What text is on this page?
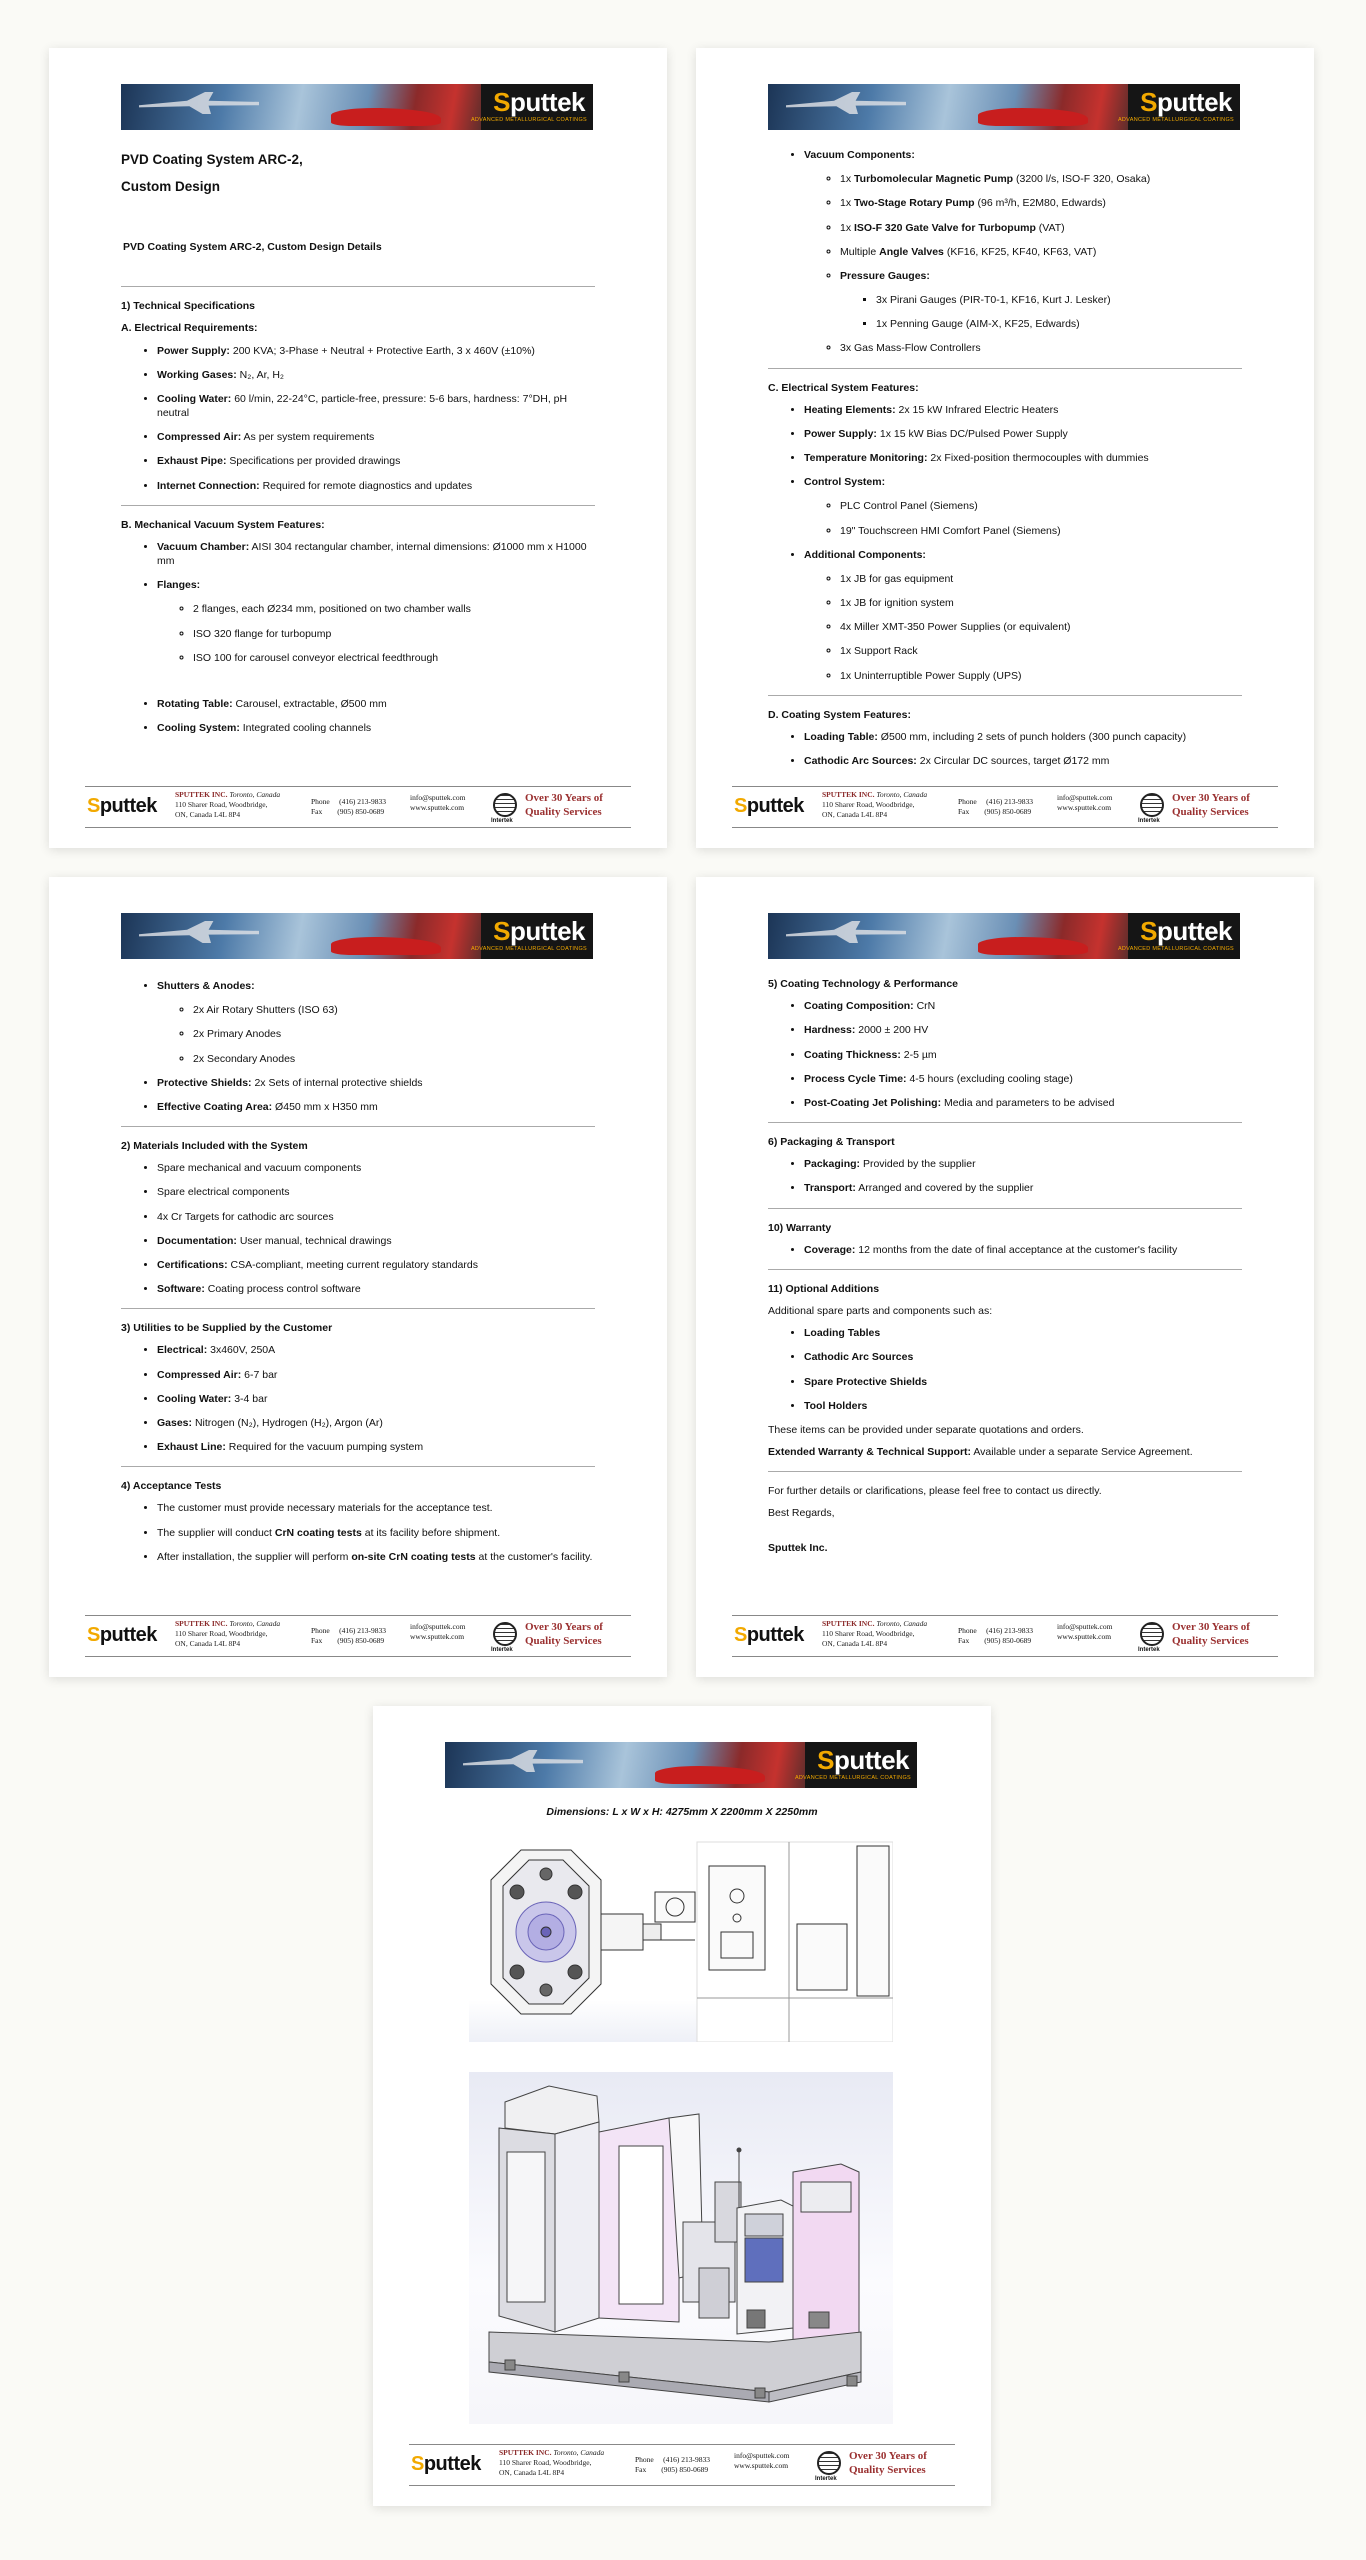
Sputtek
ADVANCED METALLURGICAL COATINGS

PVD Coating System ARC-2,
Custom Design

PVD Coating System ARC-2, Custom Design Details

1) Technical Specifications

A. Electrical Requirements:

• Power Supply: 200 KVA; 3-Phase + Neutral + Protective Earth, 3 x 460V (±10%)
• Working Gases: N₂, Ar, H₂
• Cooling Water: 60 l/min, 22-24°C, particle-free, pressure: 5-6 bars, hardness: 7°DH, pH neutral
• Compressed Air: As per system requirements
• Exhaust Pipe: Specifications per provided drawings
• Internet Connection: Required for remote diagnostics and updates

B. Mechanical Vacuum System Features:

• Vacuum Chamber: AISI 304 rectangular chamber, internal dimensions: Ø1000 mm x H1000 mm
• Flanges:
◦ 2 flanges, each Ø234 mm, positioned on two chamber walls
◦ ISO 320 flange for turbopump
◦ ISO 100 for carousel conveyor electrical feedthrough
• Rotating Table: Carousel, extractable, Ø500 mm
• Cooling System: Integrated cooling channels
Sputtek
SPUTTEK INC. Toronto, Canada
110 Sharer Road, Woodbridge,
ON, Canada L4L 8P4
Phone (416) 213-9833
Fax (905) 850-0689
info@sputtek.com
www.sputtek.com
Intertek
Over 30 Years of
Quality Services
Sputtek
ADVANCED METALLURGICAL COATINGS
• Vacuum Components:
◦ 1x Turbomolecular Magnetic Pump (3200 l/s, ISO-F 320, Osaka)
◦ 1x Two-Stage Rotary Pump (96 m³/h, E2M80, Edwards)
◦ 1x ISO-F 320 Gate Valve for Turbopump (VAT)
◦ Multiple Angle Valves (KF16, KF25, KF40, KF63, VAT)
◦ Pressure Gauges:
▪ 3x Pirani Gauges (PIR-T0-1, KF16, Kurt J. Lesker)
▪ 1x Penning Gauge (AIM-X, KF25, Edwards)
◦ 3x Gas Mass-Flow Controllers

C. Electrical System Features:

• Heating Elements: 2x 15 kW Infrared Electric Heaters
• Power Supply: 1x 15 kW Bias DC/Pulsed Power Supply
• Temperature Monitoring: 2x Fixed-position thermocouples with dummies
• Control System:
◦ PLC Control Panel (Siemens)
◦ 19" Touchscreen HMI Comfort Panel (Siemens)
• Additional Components:
◦ 1x JB for gas equipment
◦ 1x JB for ignition system
◦ 4x Miller XMT-350 Power Supplies (or equivalent)
◦ 1x Support Rack
◦ 1x Uninterruptible Power Supply (UPS)

D. Coating System Features:

• Loading Table: Ø500 mm, including 2 sets of punch holders (300 punch capacity)
• Cathodic Arc Sources: 2x Circular DC sources, target Ø172 mm
Sputtek
SPUTTEK INC. Toronto, Canada
110 Sharer Road, Woodbridge,
ON, Canada L4L 8P4
Phone (416) 213-9833
Fax (905) 850-0689
info@sputtek.com
www.sputtek.com
Intertek
Over 30 Years of
Quality Services
Sputtek
ADVANCED METALLURGICAL COATINGS
• Shutters & Anodes:
◦ 2x Air Rotary Shutters (ISO 63)
◦ 2x Primary Anodes
◦ 2x Secondary Anodes
• Protective Shields: 2x Sets of internal protective shields
• Effective Coating Area: Ø450 mm x H350 mm

2) Materials Included with the System

• Spare mechanical and vacuum components
• Spare electrical components
• 4x Cr Targets for cathodic arc sources
• Documentation: User manual, technical drawings
• Certifications: CSA-compliant, meeting current regulatory standards
• Software: Coating process control software

3) Utilities to be Supplied by the Customer

• Electrical: 3x460V, 250A
• Compressed Air: 6-7 bar
• Cooling Water: 3-4 bar
• Gases: Nitrogen (N₂), Hydrogen (H₂), Argon (Ar)
• Exhaust Line: Required for the vacuum pumping system

4) Acceptance Tests

• The customer must provide necessary materials for the acceptance test.
• The supplier will conduct CrN coating tests at its facility before shipment.
• After installation, the supplier will perform on-site CrN coating tests at the customer's facility.
Sputtek
SPUTTEK INC. Toronto, Canada
110 Sharer Road, Woodbridge,
ON, Canada L4L 8P4
Phone (416) 213-9833
Fax (905) 850-0689
info@sputtek.com
www.sputtek.com
Intertek
Over 30 Years of
Quality Services
Sputtek
ADVANCED METALLURGICAL COATINGS

5) Coating Technology & Performance

• Coating Composition: CrN
• Hardness: 2000 ± 200 HV
• Coating Thickness: 2-5 µm
• Process Cycle Time: 4-5 hours (excluding cooling stage)
• Post-Coating Jet Polishing: Media and parameters to be advised

6) Packaging & Transport

• Packaging: Provided by the supplier
• Transport: Arranged and covered by the supplier

10) Warranty

• Coverage: 12 months from the date of final acceptance at the customer's facility

11) Optional Additions

Additional spare parts and components such as:

• Loading Tables
• Cathodic Arc Sources
• Spare Protective Shields
• Tool Holders

These items can be provided under separate quotations and orders.

Extended Warranty & Technical Support: Available under a separate Service Agreement.

For further details or clarifications, please feel free to contact us directly.

Best Regards,

Sputtek Inc.

Sputtek
SPUTTEK INC. Toronto, Canada
110 Sharer Road, Woodbridge,
ON, Canada L4L 8P4
Phone (416) 213-9833
Fax (905) 850-0689
info@sputtek.com
www.sputtek.com
Intertek
Over 30 Years of
Quality Services
Sputtek
ADVANCED METALLURGICAL COATINGS
Dimensions: L x W x H: 4275mm X 2200mm X 2250mm
Sputtek
SPUTTEK INC. Toronto, Canada
110 Sharer Road, Woodbridge,
ON, Canada L4L 8P4
Phone (416) 213-9833
Fax (905) 850-0689
info@sputtek.com
www.sputtek.com
Intertek
Over 30 Years of
Quality Services
